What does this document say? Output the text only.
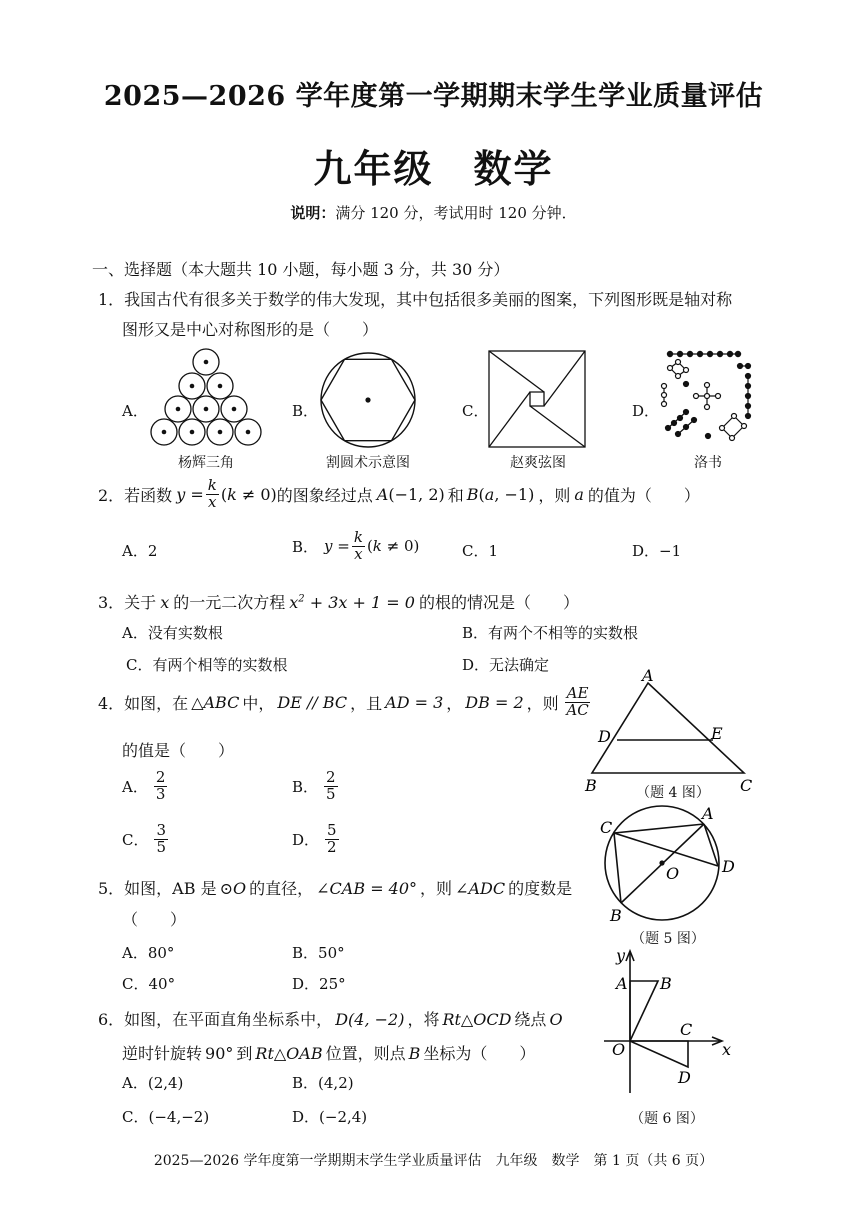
2025—2026 学年度第一学期期末学生学业质量评估
九年级　数学
说明：满分 120 分，考试用时 120 分钟．
一、选择题（本大题共 10 小题，每小题 3 分，共 30 分）
1．我国古代有很多关于数学的伟大发现，其中包括很多美丽的图案，下列图形既是轴对称
图形又是中心对称图形的是（　　）
A．
杨辉三角
B．
割圆术示意图
C．
赵爽弦图
D．
洛书
2．若函数 $y = \frac{k}{x} (k \ne 0)$ 的图象经过点 A(−1, 2) 和 B(a, −1) ，则 a 的值为（　　）
A．2	B． $y = \frac{k}{x} (k \ne 0)$	C．1	D．−1
3．关于 x 的一元二次方程 $x^2 + 3x + 1 = 0$ 的根的情况是（　　）
A．没有实数根	B．有两个不相等的实数根
C．有两个相等的实数根	D．无法确定
4．如图，在 △ABC 中， DE // BC ，且 AD = 3 ， DB = 2 ，则 $\frac{AE}{AC}$
的值是（　　）
A． $\frac{2}{3}$	B． $\frac{2}{5}$
C． $\frac{3}{5}$	D． $\frac{5}{2}$
A
D	E
B	C
（题 4 图）
5．如图，AB 是 ⊙O 的直径， ∠CAB = 40° ，则 ∠ADC 的度数是
（　　）
A．80°	B．50°
C．40°	D．25°
C
A
D
O
B
（题 5 图）
6．如图，在平面直角坐标系中， D(4, −2) ，将 Rt△OCD 绕点 O
逆时针旋转 90° 到 Rt△OAB 位置，则点 B 坐标为（　　）
A．(2,4)	B．(4,2)
C．(−4,−2)	D．(−2,4)
y
x
O
A B
C
D
（题 6 图）
2025—2026 学年度第一学期期末学生学业质量评估　九年级　数学　第 1 页（共 6 页）
